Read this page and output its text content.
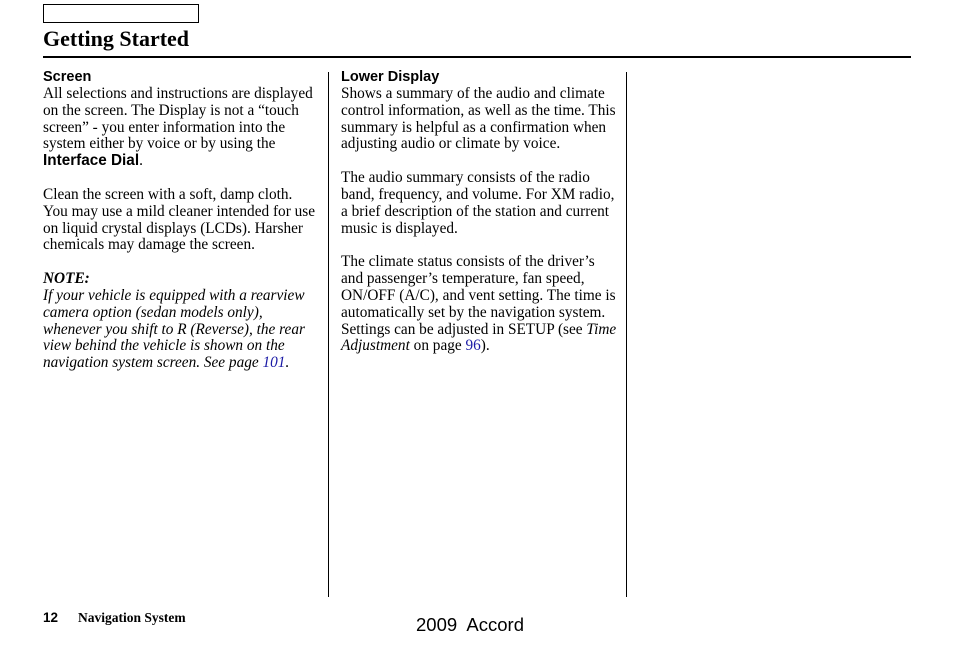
Getting Started
Screen

All selections and instructions are displayed on the screen. The Display is not a “touch screen” - you enter information into the system either by voice or by using the Interface Dial.

Clean the screen with a soft, damp cloth. You may use a mild cleaner intended for use on liquid crystal displays (LCDs). Harsher chemicals may damage the screen.

NOTE:

If your vehicle is equipped with a rearview camera option (sedan models only), whenever you shift to R (Reverse), the rear view behind the vehicle is shown on the navigation system screen. See page 101.

Lower Display

Shows a summary of the audio and climate control information, as well as the time. This summary is helpful as a confirmation when adjusting audio or climate by voice.

The audio summary consists of the radio band, frequency, and volume. For XM radio, a brief description of the station and current music is displayed.

The climate status consists of the driver’s and passenger’s temperature, fan speed, ON/OFF (A/C), and vent setting. The time is automatically set by the navigation system. Settings can be adjusted in SETUP (see Time Adjustment on page 96).

12 Navigation System	2009  Accord
